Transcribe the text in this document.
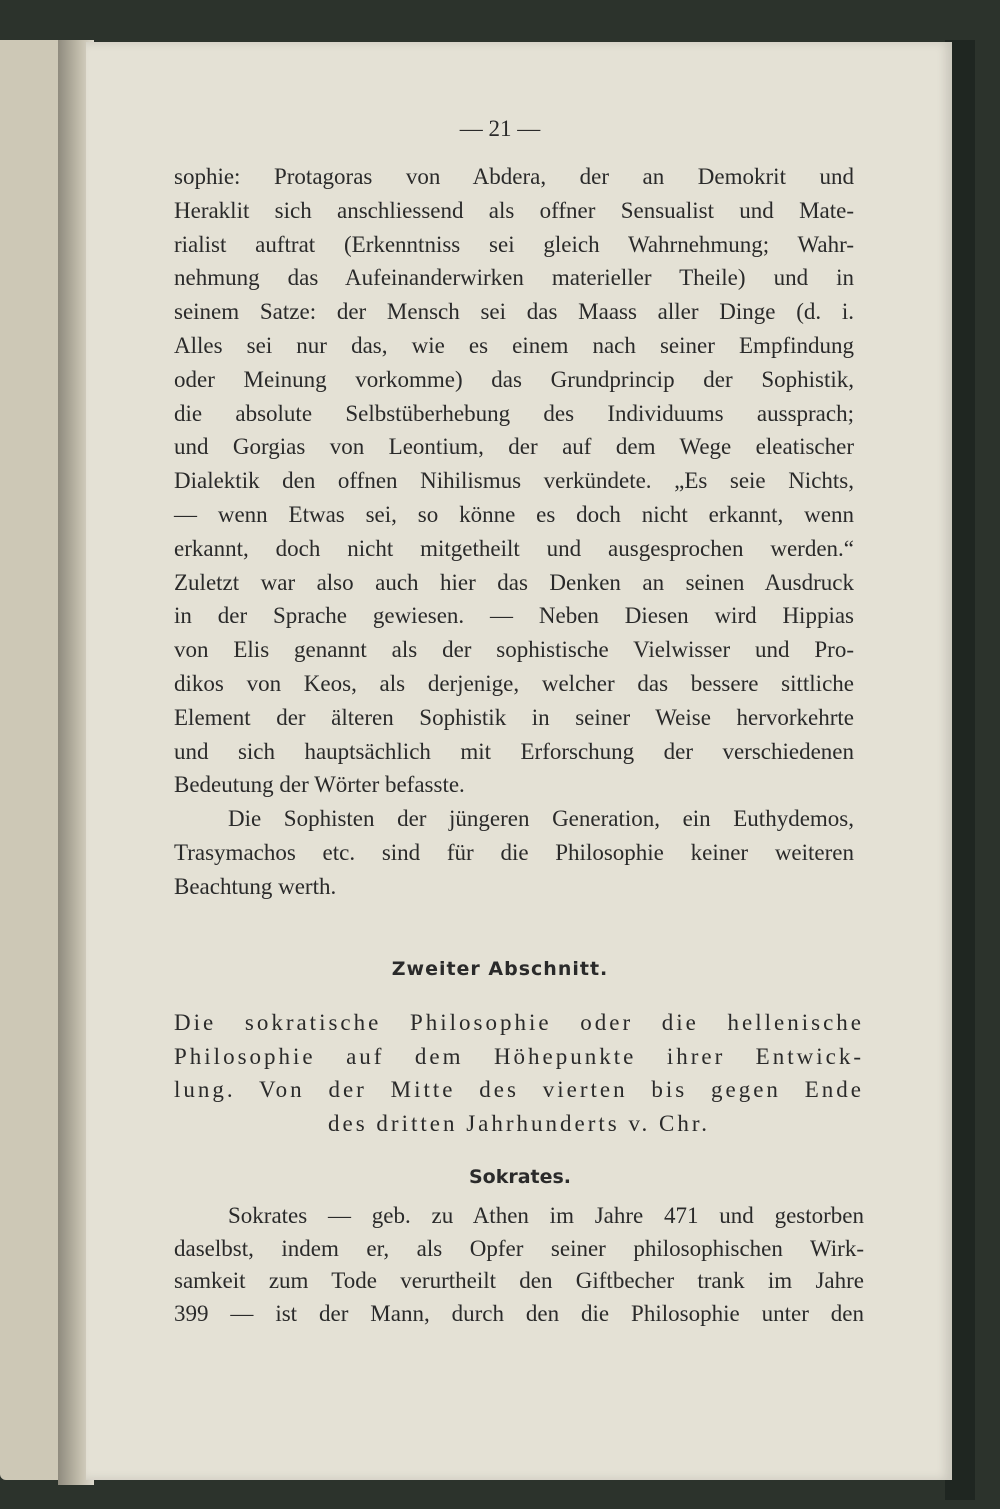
— 21 —
sophie: Protagoras von Abdera, der an Demokrit und
Heraklit sich anschliessend als offner Sensualist und Mate-
rialist auftrat (Erkenntniss sei gleich Wahrnehmung; Wahr-
nehmung das Aufeinanderwirken materieller Theile) und in
seinem Satze: der Mensch sei das Maass aller Dinge (d. i.
Alles sei nur das, wie es einem nach seiner Empfindung
oder Meinung vorkomme) das Grundprincip der Sophistik,
die absolute Selbstüberhebung des Individuums aussprach;
und Gorgias von Leontium, der auf dem Wege eleatischer
Dialektik den offnen Nihilismus verkündete. „Es seie Nichts,
— wenn Etwas sei, so könne es doch nicht erkannt, wenn
erkannt, doch nicht mitgetheilt und ausgesprochen werden.“
Zuletzt war also auch hier das Denken an seinen Ausdruck
in der Sprache gewiesen. — Neben Diesen wird Hippias
von Elis genannt als der sophistische Vielwisser und Pro-
dikos von Keos, als derjenige, welcher das bessere sittliche
Element der älteren Sophistik in seiner Weise hervorkehrte
und sich hauptsächlich mit Erforschung der verschiedenen
Bedeutung der Wörter befasste.
Die Sophisten der jüngeren Generation, ein Euthydemos,
Trasymachos etc. sind für die Philosophie keiner weiteren
Beachtung werth.
Zweiter Abschnitt.
Die sokratische Philosophie oder die hellenische
Philosophie auf dem Höhepunkte ihrer Entwick-
lung. Von der Mitte des vierten bis gegen Ende
des dritten Jahrhunderts v. Chr.
Sokrates.
Sokrates — geb. zu Athen im Jahre 471 und gestorben
daselbst, indem er, als Opfer seiner philosophischen Wirk-
samkeit zum Tode verurtheilt den Giftbecher trank im Jahre
399 — ist der Mann, durch den die Philosophie unter den
